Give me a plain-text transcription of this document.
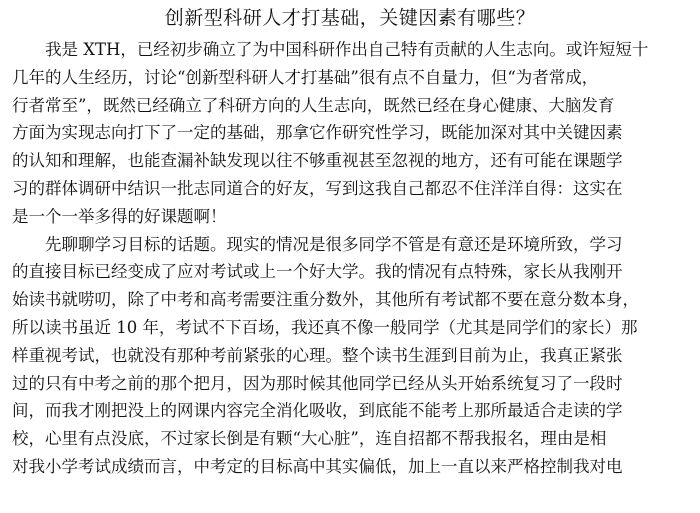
创新型科研人才打基础，关键因素有哪些？

我是 XTH，已经初步确立了为中国科研作出自己特有贡献的人生志向。或许短短十
几年的人生经历，讨论“创新型科研人才打基础”很有点不自量力，但“为者常成，
行者常至”，既然已经确立了科研方向的人生志向，既然已经在身心健康、大脑发育
方面为实现志向打下了一定的基础，那拿它作研究性学习，既能加深对其中关键因素
的认知和理解，也能查漏补缺发现以往不够重视甚至忽视的地方，还有可能在课题学
习的群体调研中结识一批志同道合的好友，写到这我自己都忍不住洋洋自得：这实在
是一个一举多得的好课题啊！

先聊聊学习目标的话题。现实的情况是很多同学不管是有意还是环境所致，学习
的直接目标已经变成了应对考试或上一个好大学。我的情况有点特殊，家长从我刚开
始读书就唠叨，除了中考和高考需要注重分数外，其他所有考试都不要在意分数本身，
所以读书虽近 10 年，考试不下百场，我还真不像一般同学（尤其是同学们的家长）那
样重视考试，也就没有那种考前紧张的心理。整个读书生涯到目前为止，我真正紧张
过的只有中考之前的那个把月，因为那时候其他同学已经从头开始系统复习了一段时
间，而我才刚把没上的网课内容完全消化吸收，到底能不能考上那所最适合走读的学
校，心里有点没底，不过家长倒是有颗“大心脏”，连自招都不帮我报名，理由是相
对我小学考试成绩而言，中考定的目标高中其实偏低，加上一直以来严格控制我对电
